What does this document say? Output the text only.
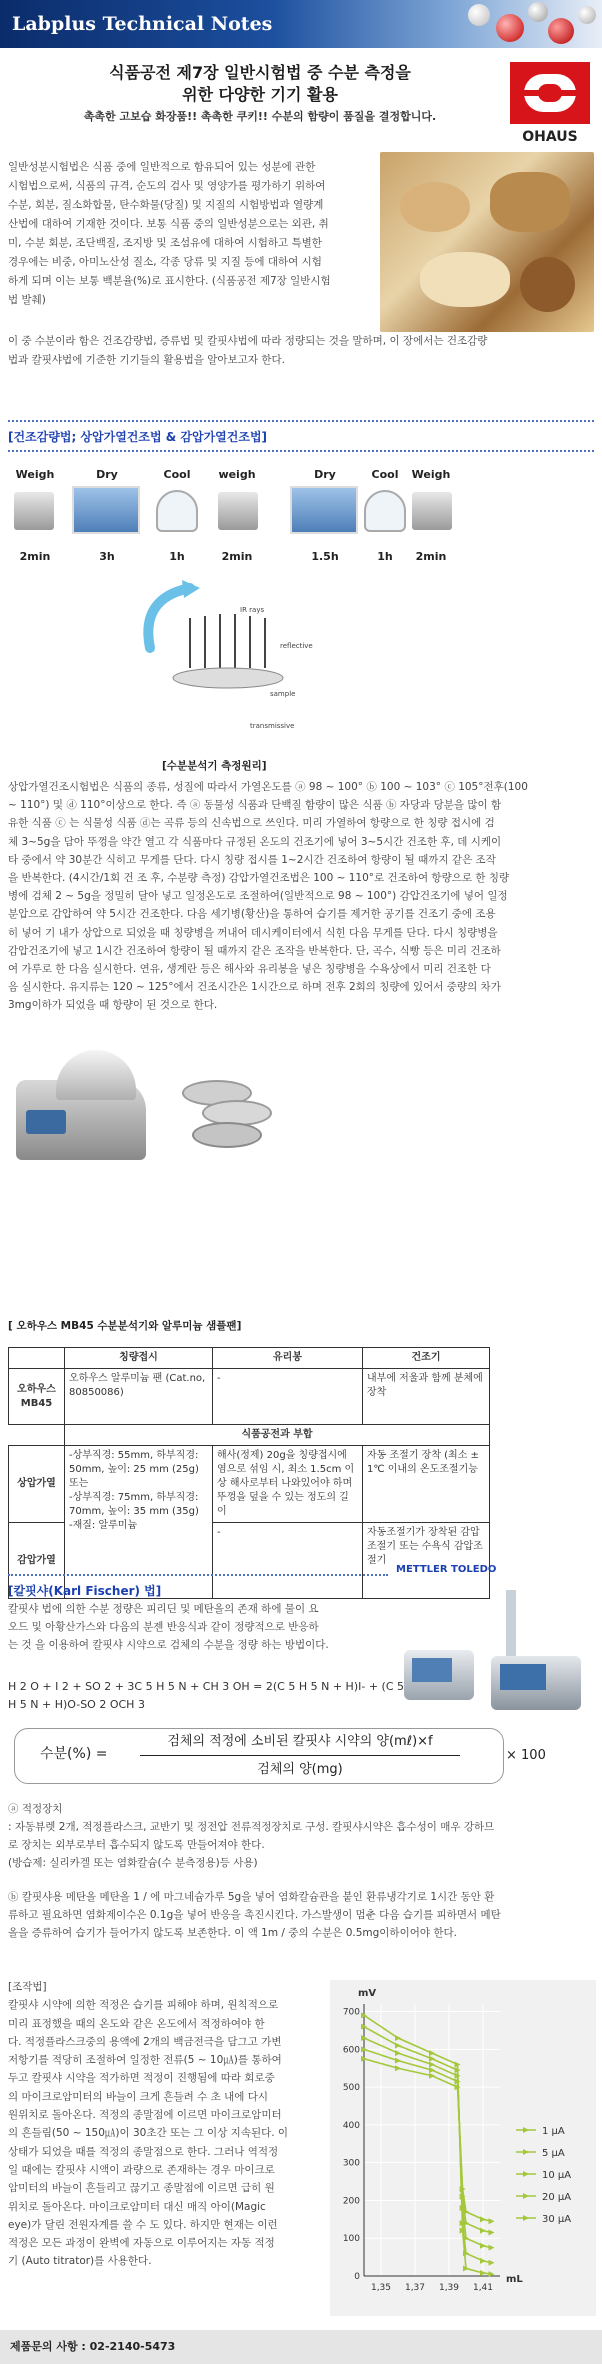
Labplus Technical Notes
식품공전 제7장 일반시험법 중 수분 측정을
위한 다양한 기기 활용
촉촉한 고보습 화장품!! 촉촉한 쿠키!! 수분의 함량이 품질을 결정합니다.
OHAUS
일반성분시험법은 식품 중에 일반적으로 함유되어 있는 성분에 관한
시험법으로써, 식품의 규격, 순도의 검사 및 영양가를 평가하기 위하여
수분, 회분, 질소화합물, 탄수화물(당질) 및 지질의 시험방법과 열량계
산법에 대하여 기재한 것이다. 보통 식품 중의 일반성분으로는 외관, 취
미, 수분 회분, 조단백질, 조지방 및 조섬유에 대하여 시험하고 특별한
경우에는 비중, 아미노산성 질소, 각종 당류 및 지질 등에 대하여 시험
하게 되며 이는 보통 백분율(%)로 표시한다. (식품공전 제7장 일반시험
법 발췌)
이 중 수분이라 함은 건조감량법, 증류법 및 칼핏샤법에 따라 정량되는 것을 말하며, 이 장에서는 건조감량
법과 칼핏샤법에 기준한 기기들의 활용법을 알아보고자 한다.
[건조감량법; 상압가열건조법 & 감압가열건조법]
Weigh	Dry	Cool	weigh	Dry	Cool	Weigh
2min	3h	1h	2min	1.5h	1h	2min
IR rays
reflective
sample
transmissive
[수분분석기 측정원리]
상압가열건조시험법은 식품의 종류, 성질에 따라서 가열온도를 ⓐ 98 ~ 100° ⓑ 100 ~ 103° ⓒ 105°전후(100
~ 110°) 및 ⓓ 110°이상으로 한다. 즉 ⓐ 동물성 식품과 단백질 함량이 많은 식품 ⓑ 자당과 당분을 많이 함
유한 식품 ⓒ 는 식물성 식품 ⓓ는 곡류 등의 신속법으로 쓰인다. 미리 가열하여 항량으로 한 칭량 접시에 검
체 3~5g을 담아 뚜껑을 약간 열고 각 식품마다 규정된 온도의 건조기에 넣어 3~5시간 건조한 후, 데 시케이
타 중에서 약 30분간 식히고 무게를 단다. 다시 칭량 접시를 1~2시간 건조하여 항량이 될 때까지 같은 조작
을 반복한다. (4시간/1회 건 조 후, 수분량 측정) 감압가열건조법은 100 ~ 110°로 건조하여 항량으로 한 칭량
병에 검체 2 ~ 5g을 정밀히 달아 넣고 일정온도로 조절하여(일반적으로 98 ~ 100°) 감압건조기에 넣어 일정
분압으로 감압하여 약 5시간 건조한다. 다음 세기병(황산)을 통하여 습기를 제거한 공기를 건조기 중에 조용
히 넣어 기 내가 상압으로 되었을 때 칭량병을 꺼내어 데시케이터에서 식힌 다음 무게를 단다. 다시 칭량병을
감압건조기에 넣고 1시간 건조하여 항량이 될 때까지 같은 조작을 반복한다. 단, 곡수, 식빵 등은 미리 건조하
여 가루로 한 다음 실시한다. 연유, 생계란 등은 해사와 유리봉을 넣은 칭량병을 수욕상에서 미리 건조한 다
음 실시한다. 유지류는 120 ~ 125°에서 건조시간은 1시간으로 하며 전후 2회의 칭량에 있어서 중량의 차가
3mg이하가 되었을 때 항량이 된 것으로 한다.
[ 오하우스 MB45 수분분석기와 알루미늄 샘플팬]
	칭량접시	유리봉	건조기
오하우스 MB45	오하우스 알루미늄 팬 (Cat.no, 80850086)	-	내부에 저울과 함께 분체에 장착
	식품공전과 부합		
상압가열	-상부직경: 55mm, 하부직경: 50mm, 높이: 25 mm (25g) 또는
-상부직경: 75mm, 하부직경: 70mm, 높이: 35 mm (35g)
-재질: 알루미늄	해사(정제) 20g을 칭량접시에 염으로 섞임 시, 최소 1.5cm 이상 해사로부터 나와있어야 하며 뚜껑을 덮을 수 있는 정도의 길이	자동 조절기 장착 (최소 ± 1℃ 이내의 온도조절기능
감압가열		-	자동조절기가 장착된 감압조절기 또는 수욕식 감압조절기
[칼핏샤(Karl Fischer) 법]
칼핏샤 법에 의한 수분 정량은 피리딘 및 메탄올의 존재 하에 물이 요
오드 및 아황산가스와 다음의 분젠 반응식과 같이 정량적으로 반응하
는 것 을 이용하여 칼핏샤 시약으로 검체의 수분을 정량 하는 방법이다.
METTLER TOLEDO
H 2 O + I 2 + SO 2 + 3C 5 H 5 N + CH 3 OH = 2(C 5 H 5 N + H)I- + (C 5
H 5 N + H)O-SO 2 OCH 3
수분(%) =
검체의 적정에 소비된 칼핏샤 시약의 양(mℓ)×f
검체의 양(mg)
× 100
ⓐ 적정장치
: 자동뷰렛 2개, 적정플라스크, 교반기 및 정전압 전류적정장치로 구성. 칼핏샤시약은 흡수성이 매우 강하므
로 장치는 외부로부터 흡수되지 않도록 만들어져야 한다.
(방습제: 실리카겔 또는 염화칼슘(수 분측정용)등 사용)
ⓑ 칼핏샤용 메탄올 메탄올 1 / 에 마그네슘가루 5g을 넣어 염화칼슘관을 붙인 환류냉각기로 1시간 동안 환
류하고 필요하면 염화제이수은 0.1g을 넣어 반응을 촉진시킨다. 가스발생이 멈춘 다음 습기를 피하면서 메탄
올을 증류하여 습기가 들어가지 않도록 보존한다. 이 액 1m / 중의 수분은 0.5mg이하이어야 한다.
[조작법]
칼핏샤 시약에 의한 적정은 습기를 피해야 하며, 원칙적으로
미리 표정했을 때의 온도와 같은 온도에서 적정하여야 한
다. 적정플라스크중의 용액에 2개의 백금전극을 담그고 가변
저항기를 적당히 조절하여 일정한 전류(5 ~ 10㎂)를 통하여
두고 칼핏샤 시약을 적가하면 적정이 진행됨에 따라 회로중
의 마이크로암미터의 바늘이 크게 흔들려 수 초 내에 다시
원위치로 돌아온다. 적정의 종말점에 이르면 마이크로암미터
의 흔들림(50 ~ 150㎂)이 30초간 또는 그 이상 지속된다. 이
상태가 되었을 때를 적정의 종말점으로 한다. 그러나 역적정
일 때에는 칼핏샤 시액이 과량으로 존재하는 경우 마이크로
암미터의 바늘이 흔들리고 끊기고 종말점에 이르면 급히 원
위치로 돌아온다. 마이크로암미터 대신 매직 아이(Magic
eye)가 달린 전원자계를 쓸 수 도 있다. 하지만 현재는 이런
적정은 모든 과정이 완벽에 자동으로 이루어지는 자동 적정
기 (Auto titrator)를 사용한다.
0
100
200
300
400
500
600
700
1,35 1,37 1,39 1,41
mV
mL
1 µA
5 µA
10 µA
20 µA
30 µA
제품문의 사항 : 02-2140-5473
